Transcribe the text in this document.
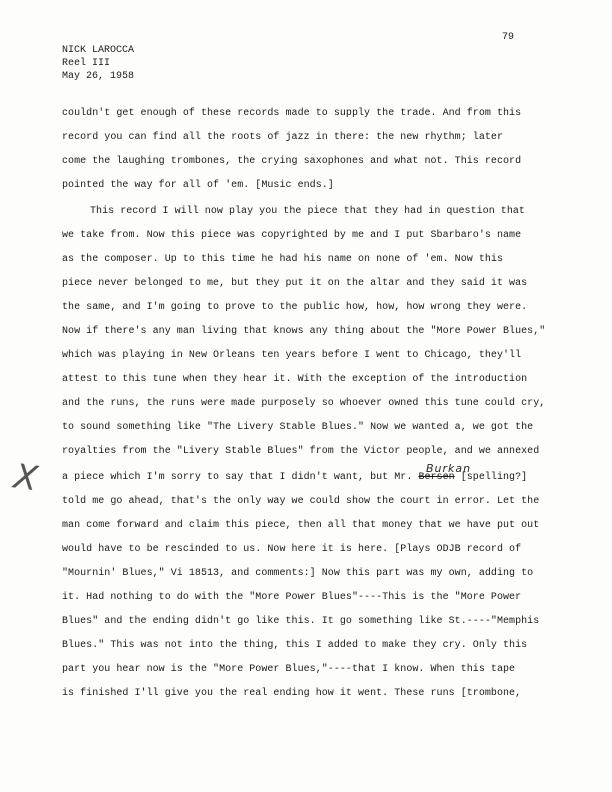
79
NICK LAROCCA
Reel III
May 26, 1958
X	Burkan
couldn't get enough of these records made to supply the trade. And from this
record you can find all the roots of jazz in there: the new rhythm; later
come the laughing trombones, the crying saxophones and what not. This record
pointed the way for all of 'em. [Music ends.]
This record I will now play you the piece that they had in question that
we take from. Now this piece was copyrighted by me and I put Sbarbaro's name
as the composer. Up to this time he had his name on none of 'em. Now this
piece never belonged to me, but they put it on the altar and they said it was
the same, and I'm going to prove to the public how, how, how wrong they were.
Now if there's any man living that knows any thing about the "More Power Blues,"
which was playing in New Orleans ten years before I went to Chicago, they'll
attest to this tune when they hear it. With the exception of the introduction
and the runs, the runs were made purposely so whoever owned this tune could cry,
to sound something like "The Livery Stable Blues." Now we wanted a, we got the
royalties from the "Livery Stable Blues" from the Victor people, and we annexed
a piece which I'm sorry to say that I didn't want, but Mr. Bersen [spelling?]
told me go ahead, that's the only way we could show the court in error. Let the
man come forward and claim this piece, then all that money that we have put out
would have to be rescinded to us. Now here it is here. [Plays ODJB record of
"Mournin' Blues," Vi 18513, and comments:] Now this part was my own, adding to
it. Had nothing to do with the "More Power Blues"----This is the "More Power
Blues" and the ending didn't go like this. It go something like St.----"Memphis
Blues." This was not into the thing, this I added to make they cry. Only this
part you hear now is the "More Power Blues,"----that I know. When this tape
is finished I'll give you the real ending how it went. These runs [trombone,
